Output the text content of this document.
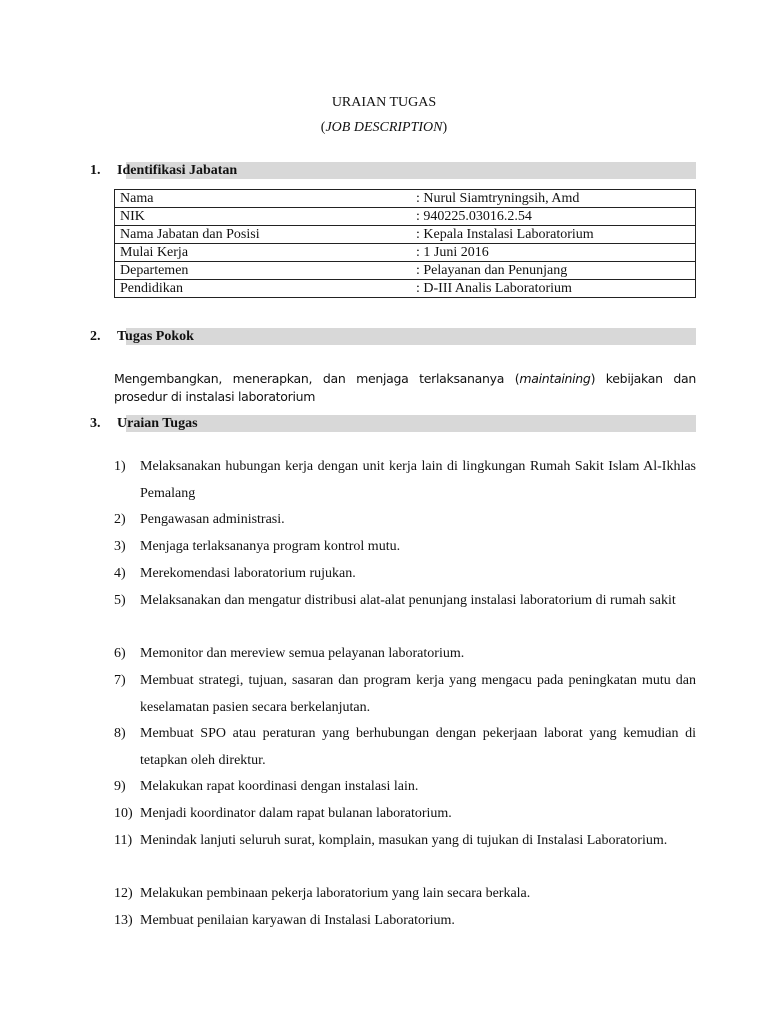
URAIAN TUGAS
(JOB DESCRIPTION)
1. Identifikasi Jabatan
Nama	: Nurul Siamtryningsih, Amd
NIK	: 940225.03016.2.54
Nama Jabatan dan Posisi	: Kepala Instalasi Laboratorium
Mulai Kerja	: 1 Juni 2016
Departemen	: Pelayanan dan Penunjang
Pendidikan	: D-III Analis Laboratorium
2. Tugas Pokok
Mengembangkan, menerapkan, dan menjaga terlaksananya (maintaining) kebijakan dan prosedur di instalasi laboratorium
3. Uraian Tugas
1) Melaksanakan hubungan kerja dengan unit kerja lain di lingkungan Rumah Sakit Islam Al-Ikhlas Pemalang
2) Pengawasan administrasi.
3) Menjaga terlaksananya program kontrol mutu.
4) Merekomendasi laboratorium rujukan.
5) Melaksanakan dan mengatur distribusi alat-alat penunjang instalasi laboratorium di rumah sakit
6) Memonitor dan mereview semua pelayanan laboratorium.
7) Membuat strategi, tujuan, sasaran dan program kerja yang mengacu pada peningkatan mutu dan keselamatan pasien secara berkelanjutan.
8) Membuat SPO atau peraturan yang berhubungan dengan pekerjaan laborat yang kemudian di tetapkan oleh direktur.
9) Melakukan rapat koordinasi dengan instalasi lain.
10) Menjadi koordinator dalam rapat bulanan laboratorium.
11) Menindak lanjuti seluruh surat, komplain, masukan yang di tujukan di Instalasi Laboratorium.
12) Melakukan pembinaan pekerja laboratorium yang lain secara berkala.
13) Membuat penilaian karyawan di Instalasi Laboratorium.
